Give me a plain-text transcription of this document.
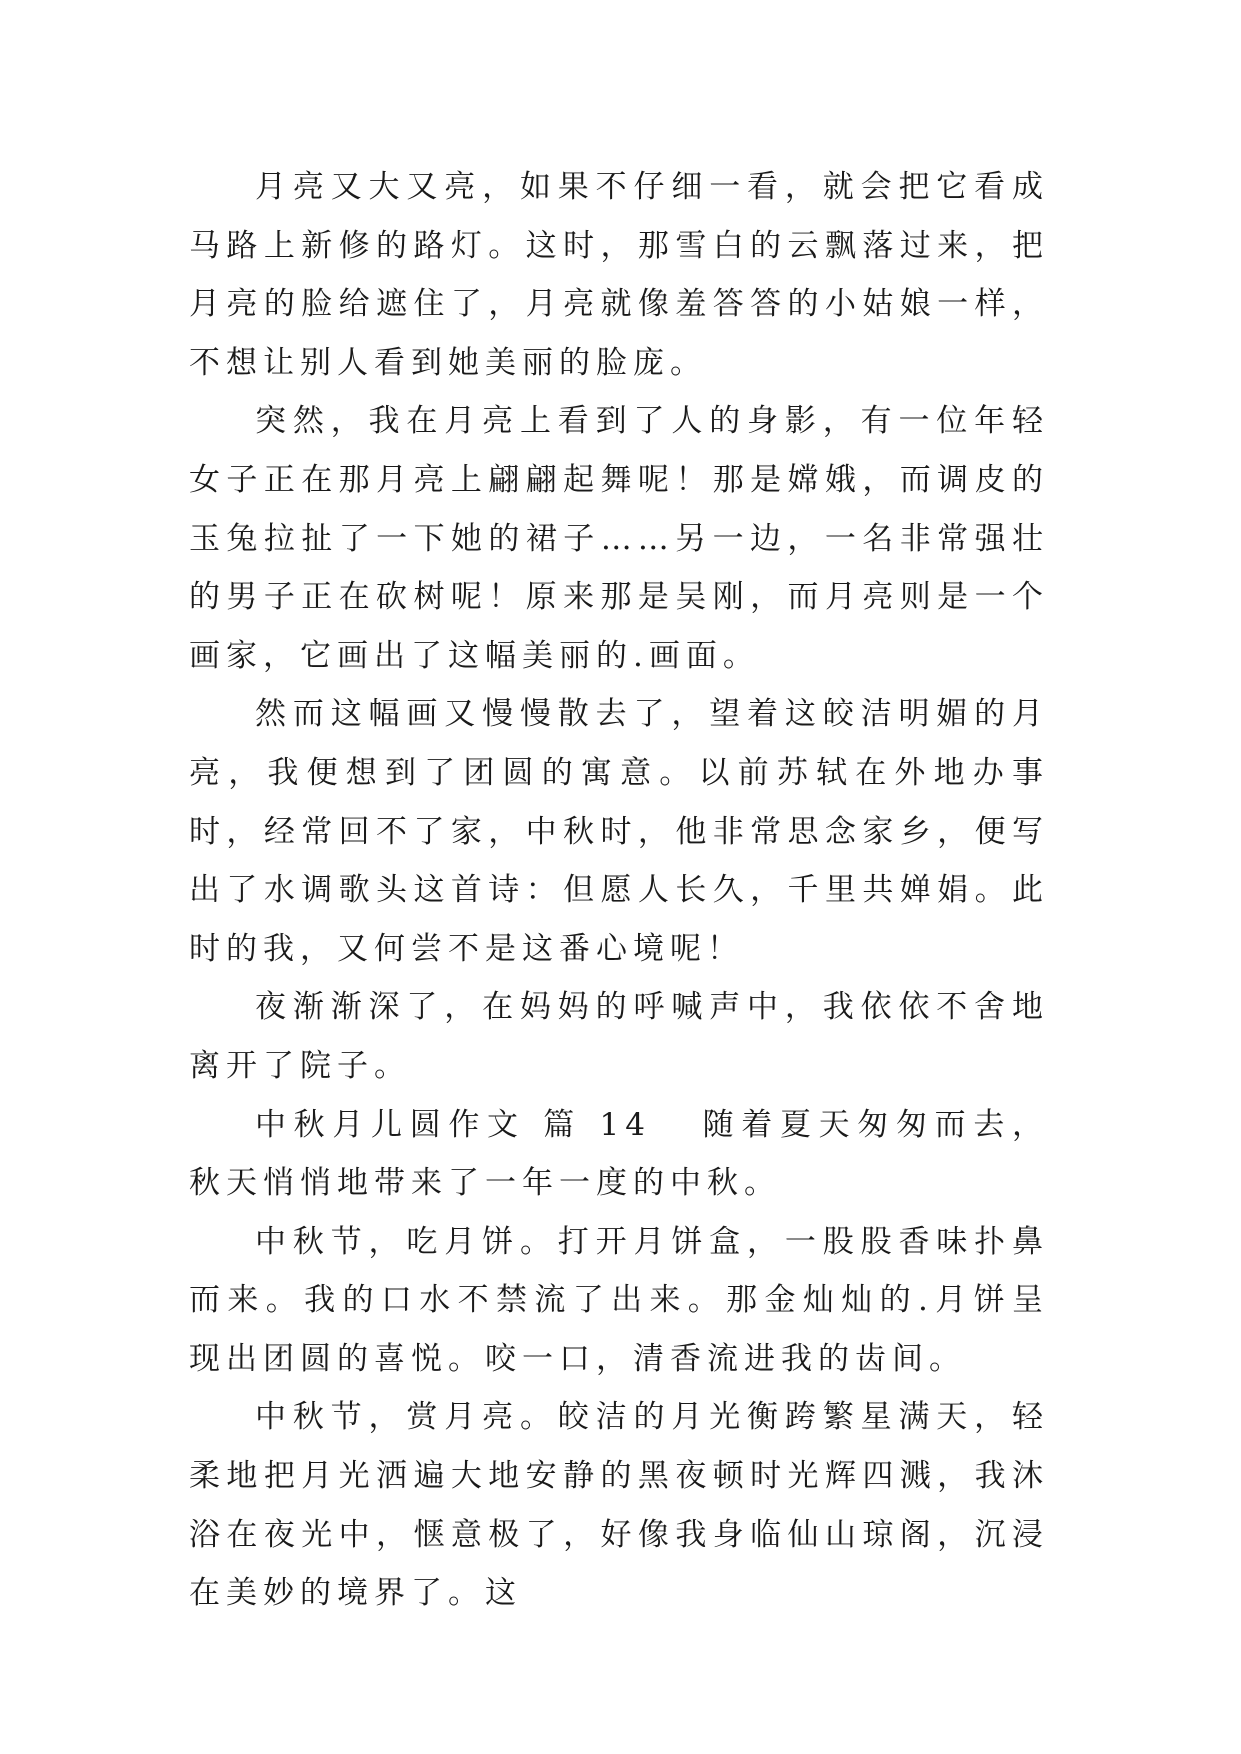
月亮又大又亮，如果不仔细一看，就会把它看成马路上新修的路灯。这时，那雪白的云飘落过来，把月亮的脸给遮住了，月亮就像羞答答的小姑娘一样，不想让别人看到她美丽的脸庞。

突然，我在月亮上看到了人的身影，有一位年轻女子正在那月亮上翩翩起舞呢！那是嫦娥，而调皮的玉兔拉扯了一下她的裙子……另一边，一名非常强壮的男子正在砍树呢！原来那是吴刚，而月亮则是一个画家，它画出了这幅美丽的.画面。

然而这幅画又慢慢散去了，望着这皎洁明媚的月亮，我便想到了团圆的寓意。以前苏轼在外地办事时，经常回不了家，中秋时，他非常思念家乡，便写出了水调歌头这首诗：但愿人长久，千里共婵娟。此时的我，又何尝不是这番心境呢！

夜渐渐深了，在妈妈的呼喊声中，我依依不舍地离开了院子。

中秋月儿圆作文 篇 14 随着夏天匆匆而去，秋天悄悄地带来了一年一度的中秋。

中秋节，吃月饼。打开月饼盒，一股股香味扑鼻而来。我的口水不禁流了出来。那金灿灿的.月饼呈现出团圆的喜悦。咬一口，清香流进我的齿间。

中秋节，赏月亮。皎洁的月光衡跨繁星满天，轻柔地把月光洒遍大地安静的黑夜顿时光辉四溅，我沐浴在夜光中，惬意极了，好像我身临仙山琼阁，沉浸在美妙的境界了。这
